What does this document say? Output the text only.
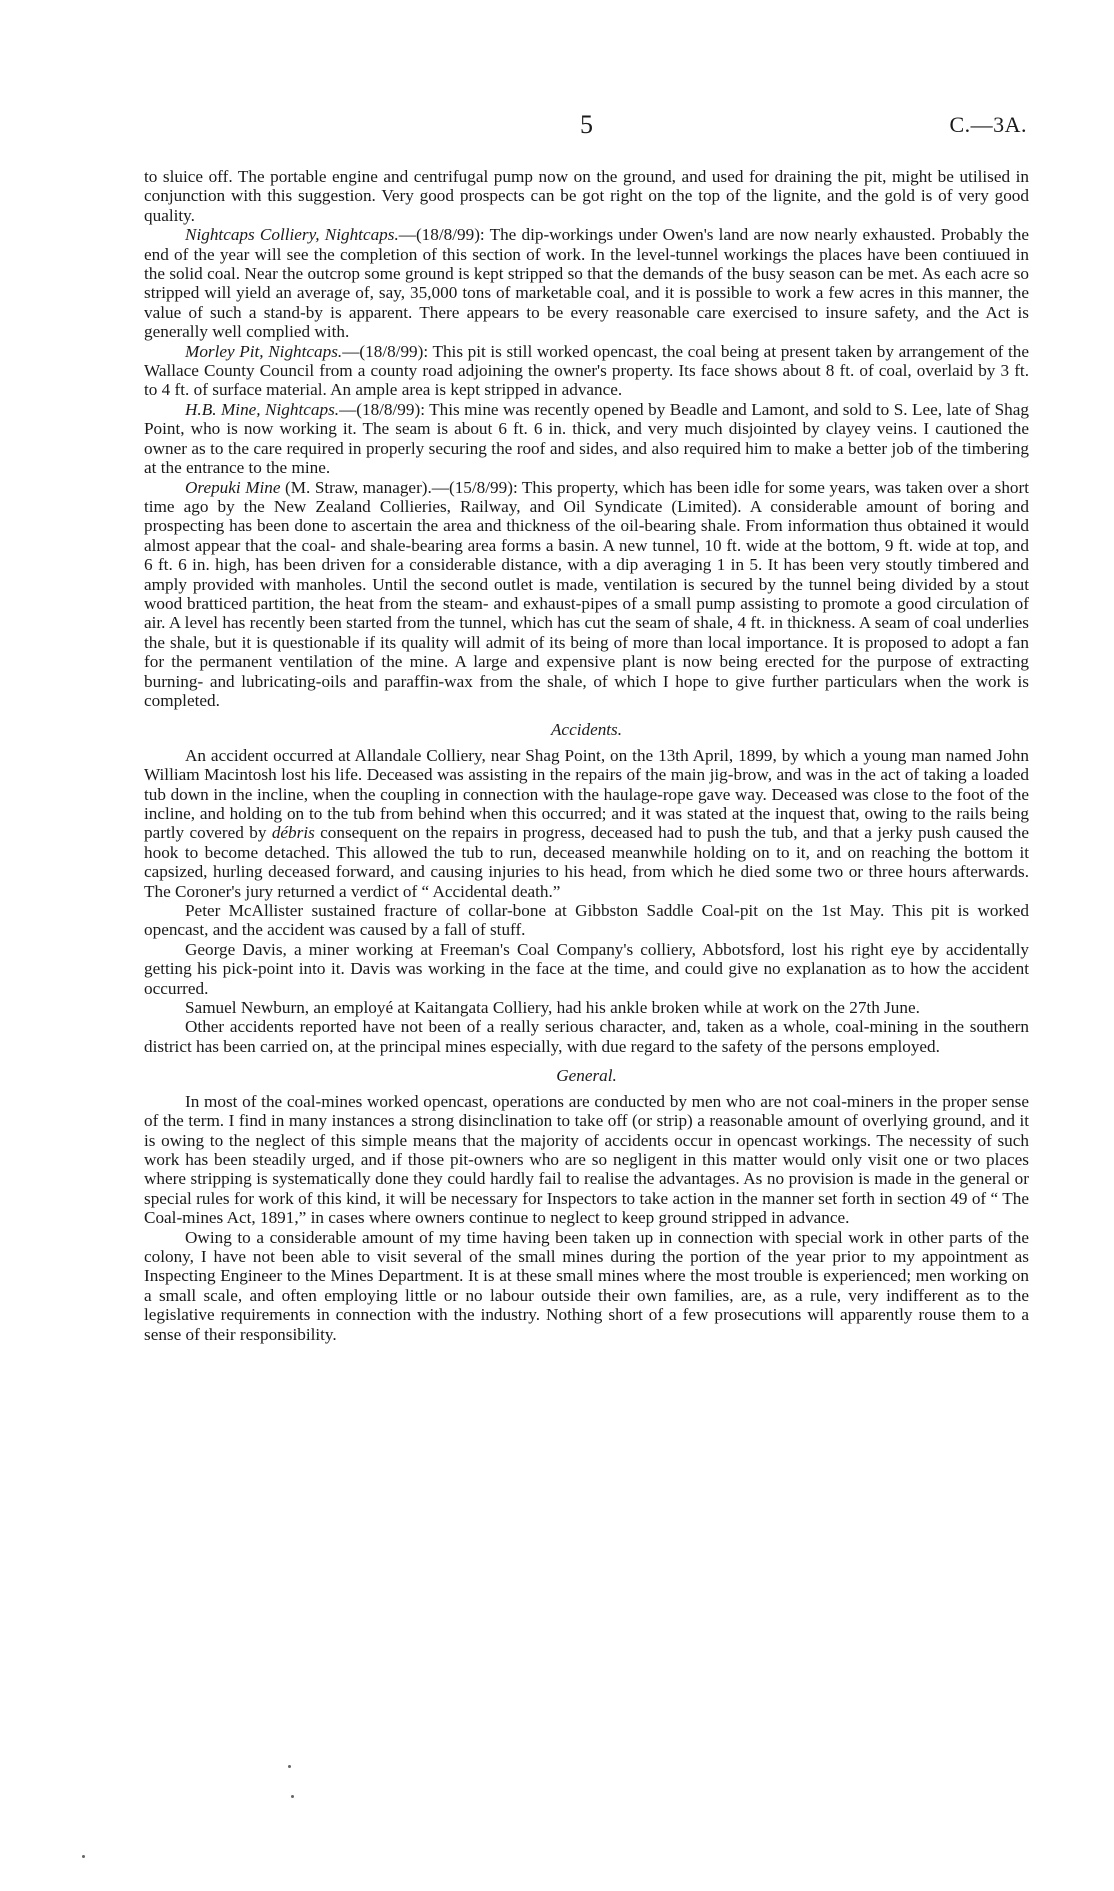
5	C.—3A.

to sluice off. The portable engine and centrifugal pump now on the ground, and used for draining the pit, might be utilised in conjunction with this suggestion. Very good prospects can be got right on the top of the lignite, and the gold is of very good quality.

Nightcaps Colliery, Nightcaps.—(18/8/99): The dip-workings under Owen's land are now nearly exhausted. Probably the end of the year will see the completion of this section of work. In the level-tunnel workings the places have been contiuued in the solid coal. Near the outcrop some ground is kept stripped so that the demands of the busy season can be met. As each acre so stripped will yield an average of, say, 35,000 tons of marketable coal, and it is possible to work a few acres in this manner, the value of such a stand-by is apparent. There appears to be every reasonable care exercised to insure safety, and the Act is generally well complied with.

Morley Pit, Nightcaps.—(18/8/99): This pit is still worked opencast, the coal being at present taken by arrangement of the Wallace County Council from a county road adjoining the owner's property. Its face shows about 8 ft. of coal, overlaid by 3 ft. to 4 ft. of surface material. An ample area is kept stripped in advance.

H.B. Mine, Nightcaps.—(18/8/99): This mine was recently opened by Beadle and Lamont, and sold to S. Lee, late of Shag Point, who is now working it. The seam is about 6 ft. 6 in. thick, and very much disjointed by clayey veins. I cautioned the owner as to the care required in properly securing the roof and sides, and also required him to make a better job of the timbering at the entrance to the mine.

Orepuki Mine (M. Straw, manager).—(15/8/99): This property, which has been idle for some years, was taken over a short time ago by the New Zealand Collieries, Railway, and Oil Syndicate (Limited). A considerable amount of boring and prospecting has been done to ascertain the area and thickness of the oil-bearing shale. From information thus obtained it would almost appear that the coal- and shale-bearing area forms a basin. A new tunnel, 10 ft. wide at the bottom, 9 ft. wide at top, and 6 ft. 6 in. high, has been driven for a considerable distance, with a dip averaging 1 in 5. It has been very stoutly timbered and amply provided with manholes. Until the second outlet is made, ventilation is secured by the tunnel being divided by a stout wood bratticed partition, the heat from the steam- and exhaust-pipes of a small pump assisting to promote a good circulation of air. A level has recently been started from the tunnel, which has cut the seam of shale, 4 ft. in thickness. A seam of coal underlies the shale, but it is questionable if its quality will admit of its being of more than local importance. It is proposed to adopt a fan for the permanent ventilation of the mine. A large and expensive plant is now being erected for the purpose of extracting burning- and lubricating-oils and paraffin-wax from the shale, of which I hope to give further particulars when the work is completed.

Accidents.

An accident occurred at Allandale Colliery, near Shag Point, on the 13th April, 1899, by which a young man named John William Macintosh lost his life. Deceased was assisting in the repairs of the main jig-brow, and was in the act of taking a loaded tub down in the incline, when the coupling in connection with the haulage-rope gave way. Deceased was close to the foot of the incline, and holding on to the tub from behind when this occurred; and it was stated at the inquest that, owing to the rails being partly covered by débris consequent on the repairs in progress, deceased had to push the tub, and that a jerky push caused the hook to become detached. This allowed the tub to run, deceased meanwhile holding on to it, and on reaching the bottom it capsized, hurling deceased forward, and causing injuries to his head, from which he died some two or three hours afterwards. The Coroner's jury returned a verdict of “ Accidental death.”

Peter McAllister sustained fracture of collar-bone at Gibbston Saddle Coal-pit on the 1st May. This pit is worked opencast, and the accident was caused by a fall of stuff.

George Davis, a miner working at Freeman's Coal Company's colliery, Abbotsford, lost his right eye by accidentally getting his pick-point into it. Davis was working in the face at the time, and could give no explanation as to how the accident occurred.

Samuel Newburn, an employé at Kaitangata Colliery, had his ankle broken while at work on the 27th June.

Other accidents reported have not been of a really serious character, and, taken as a whole, coal-mining in the southern district has been carried on, at the principal mines especially, with due regard to the safety of the persons employed.

General.

In most of the coal-mines worked opencast, operations are conducted by men who are not coal-miners in the proper sense of the term. I find in many instances a strong disinclination to take off (or strip) a reasonable amount of overlying ground, and it is owing to the neglect of this simple means that the majority of accidents occur in opencast workings. The necessity of such work has been steadily urged, and if those pit-owners who are so negligent in this matter would only visit one or two places where stripping is systematically done they could hardly fail to realise the advantages. As no provision is made in the general or special rules for work of this kind, it will be necessary for Inspectors to take action in the manner set forth in section 49 of “ The Coal-mines Act, 1891,” in cases where owners continue to neglect to keep ground stripped in advance.

Owing to a considerable amount of my time having been taken up in connection with special work in other parts of the colony, I have not been able to visit several of the small mines during the portion of the year prior to my appointment as Inspecting Engineer to the Mines Department. It is at these small mines where the most trouble is experienced; men working on a small scale, and often employing little or no labour outside their own families, are, as a rule, very indifferent as to the legislative requirements in connection with the industry. Nothing short of a few prosecutions will apparently rouse them to a sense of their responsibility.
